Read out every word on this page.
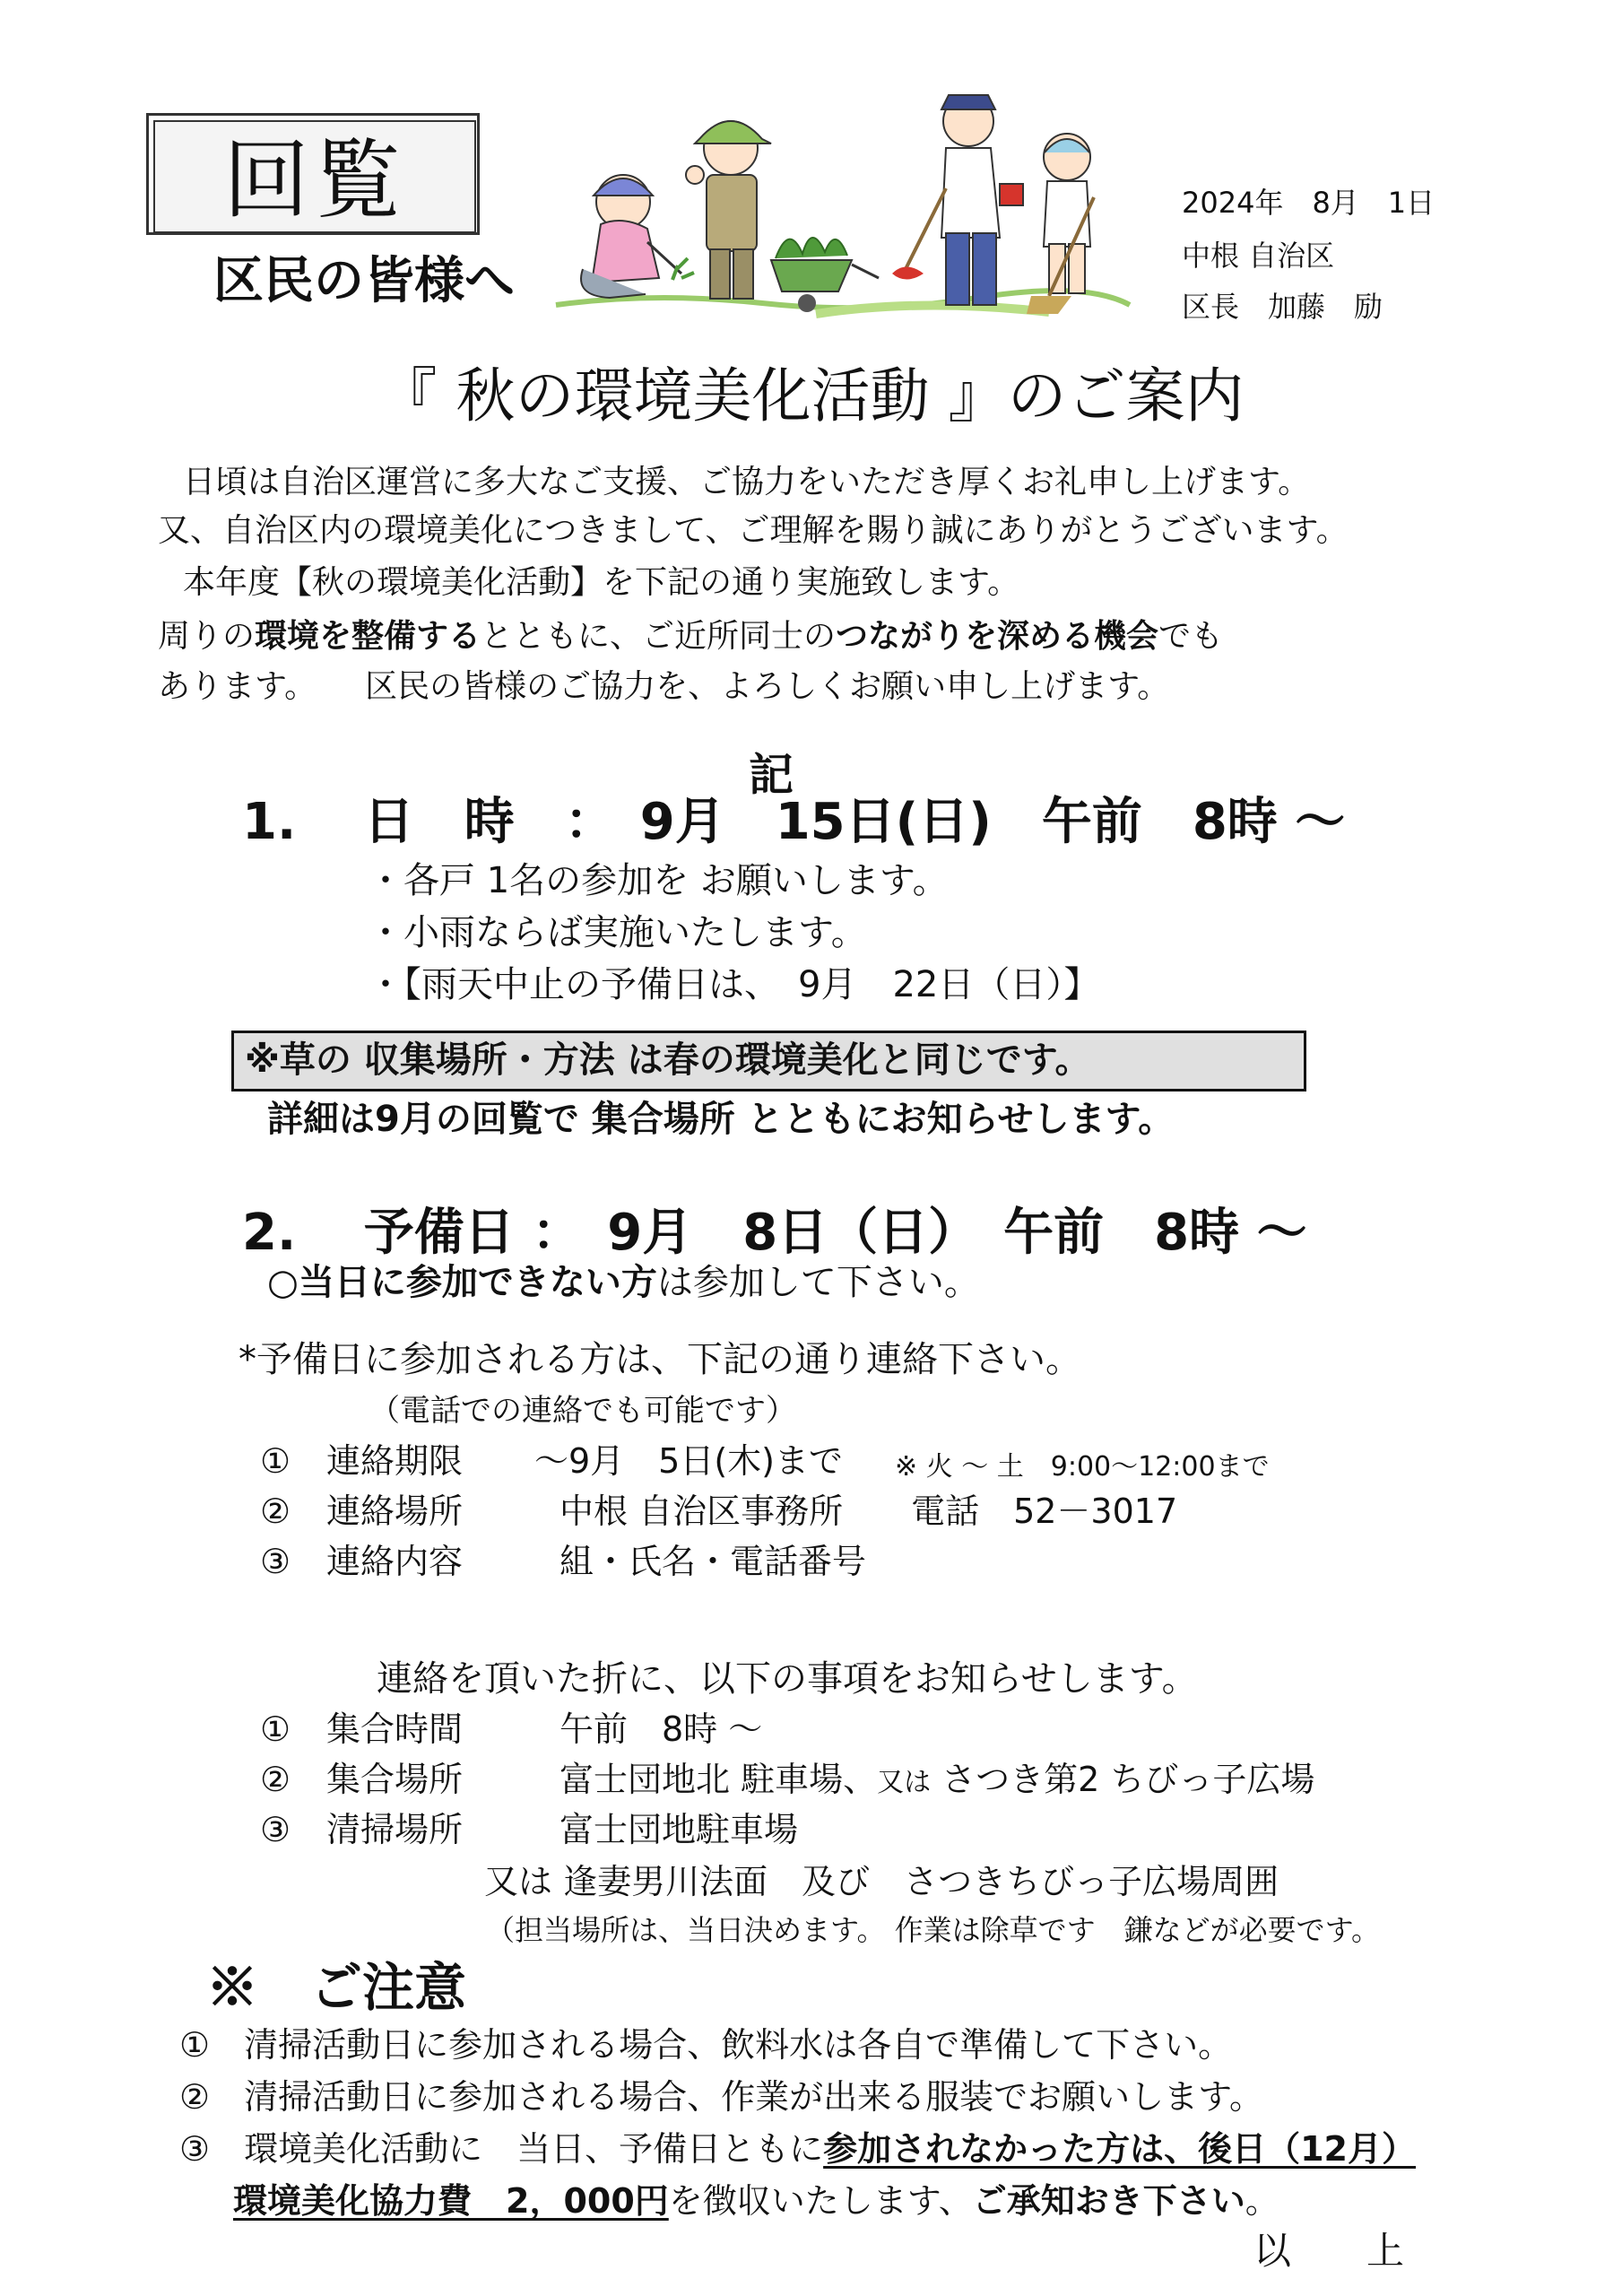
回覧
区民の皆様へ
2024年　8月　1日
中根 自治区
区長　加藤　励
『 秋の環境美化活動 』のご案内
日頃は自治区運営に多大なご支援、ご協力をいただき厚くお礼申し上げます。
又、自治区内の環境美化につきまして、ご理解を賜り誠にありがとうございます。
本年度【秋の環境美化活動】を下記の通り実施致します。
周りの環境を整備するとともに、ご近所同士のつながりを深める機会でも
あります。　　区民の皆様のご協力を、よろしくお願い申し上げます。
記
1.　 日　時　：　9月　15日(日)　午前　8時 ～
・各戸 1名の参加を お願いします。
・小雨ならば実施いたします。
・【雨天中止の予備日は、　9月　22日（日）】
※草の 収集場所・方法 は春の環境美化と同じです。
詳細は9月の回覧で 集合場所 とともにお知らせします。
2.　 予備日 ：　9月　8日（日）　午前　8時 ～
○当日に参加できない方は参加して下さい。
*予備日に参加される方は、下記の通り連絡下さい。
（電話での連絡でも可能です）
① 連絡期限 ～9月　5日(木)まで ※ 火 ～ 土　9:00～12:00まで
② 連絡場所	中根 自治区事務所　　電話　52－3017
③ 連絡内容	組・氏名・電話番号
連絡を頂いた折に、以下の事項をお知らせします。
① 集合時間	午前　8時 ～
② 集合場所	富士団地北 駐車場、又は さつき第2 ちびっ子広場
③ 清掃場所	富士団地駐車場
又は 逢妻男川法面　及び　さつきちびっ子広場周囲
（担当場所は、当日決めます。 作業は除草です　鎌などが必要です。
※　ご注意
①　 清掃活動日に参加される場合、飲料水は各自で準備して下さい。
②　 清掃活動日に参加される場合、作業が出来る服装でお願いします。
③　 環境美化活動に　当日、予備日ともに参加されなかった方は、後日（12月）
環境美化協力費　2，000円を徴収いたします、ご承知おき下さい。
以　　上
